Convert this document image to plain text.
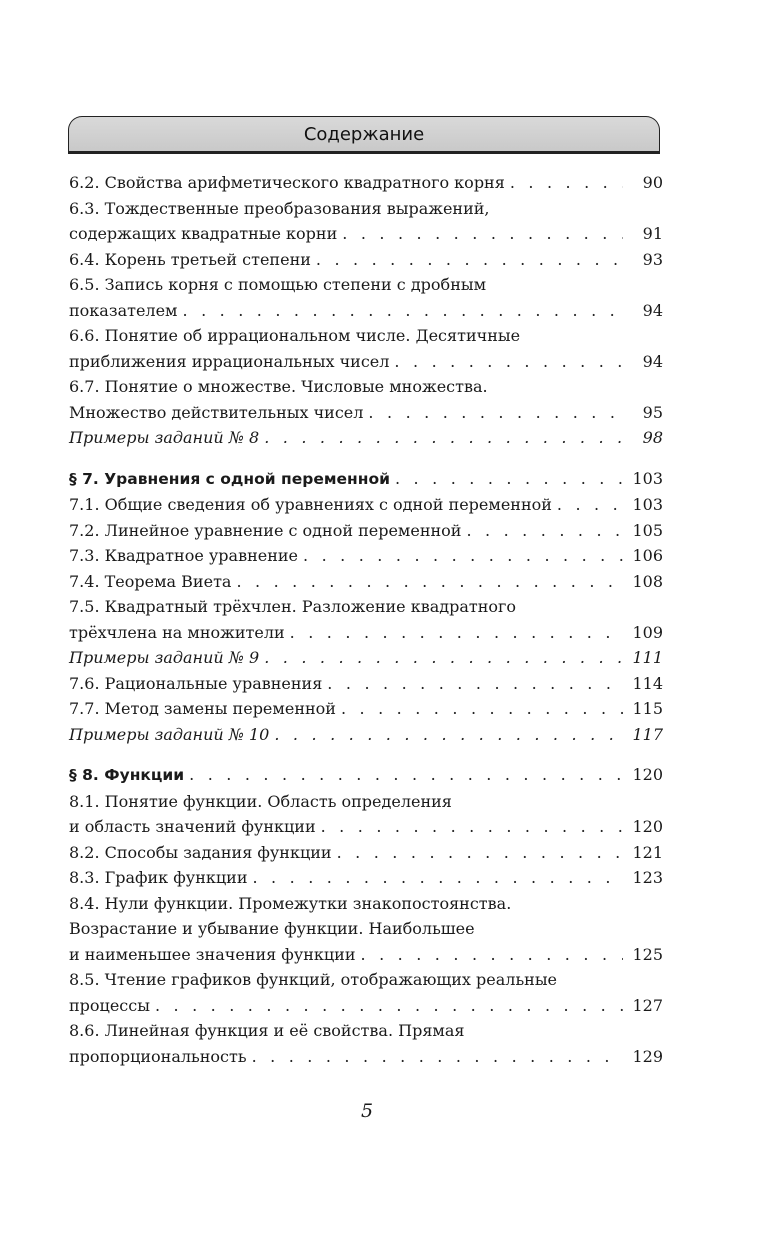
Содержание
6.2. Свойства арифметического квадратного корня . . .	90
6.3. Тождественные преобразования выражений,
содержащих квадратные корни . . .	91
6.4. Корень третьей степени . . .	93
6.5. Запись корня с помощью степени с дробным
показателем . . .	94
6.6. Понятие об иррациональном числе. Десятичные
приближения иррациональных чисел . . .	94
6.7. Понятие о множестве. Числовые множества.
Множество действительных чисел . . .	95
Примеры заданий № 8 . . .	98
§ 7. Уравнения с одной переменной . . .	103
7.1. Общие сведения об уравнениях с одной переменной . . .	103
7.2. Линейное уравнение с одной переменной . . .	105
7.3. Квадратное уравнение . . .	106
7.4. Теорема Виета . . .	108
7.5. Квадратный трёхчлен. Разложение квадратного
трёхчлена на множители . . .	109
Примеры заданий № 9 . . .	111
7.6. Рациональные уравнения . . .	114
7.7. Метод замены переменной . . .	115
Примеры заданий № 10 . . .	117
§ 8. Функции . . .	120
8.1. Понятие функции. Область определения
и область значений функции . . .	120
8.2. Способы задания функции . . .	121
8.3. График функции . . .	123
8.4. Нули функции. Промежутки знакопостоянства.
Возрастание и убывание функции. Наибольшее
и наименьшее значения функции . . .	125
8.5. Чтение графиков функций, отображающих реальные
процессы . . .	127
8.6. Линейная функция и её свойства. Прямая
пропорциональность . . .	129
5
